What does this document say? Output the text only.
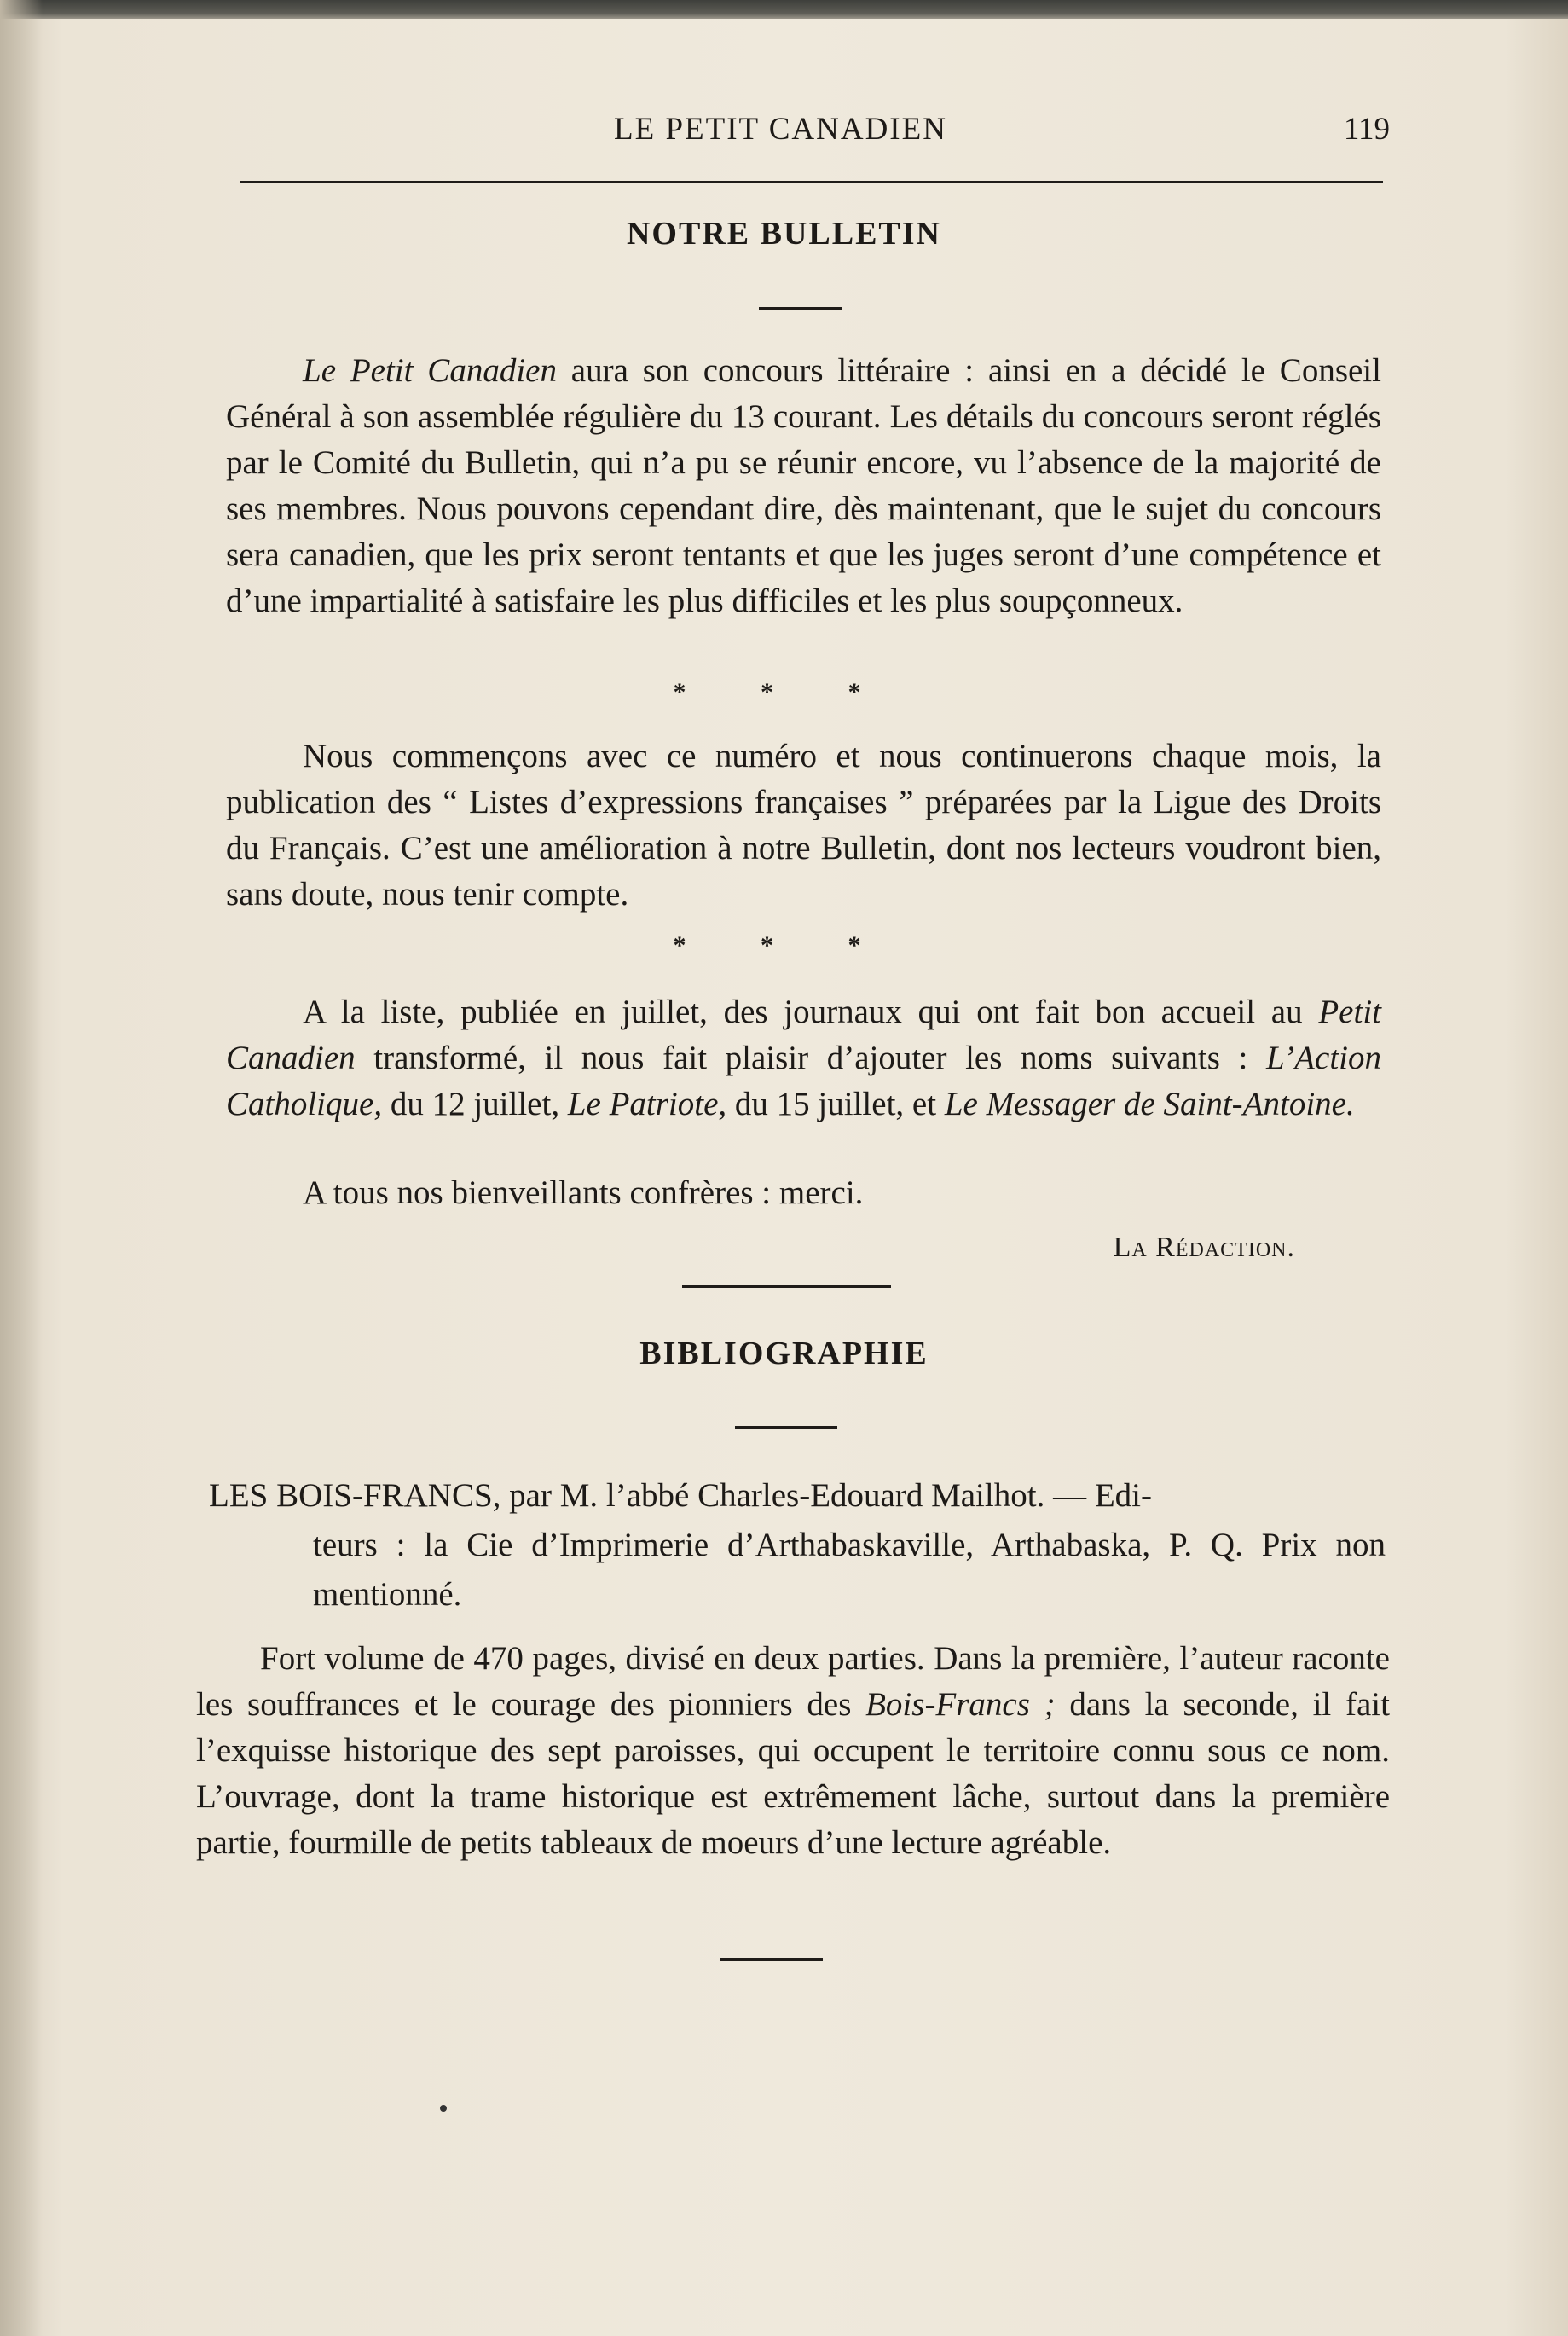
LE PETIT CANADIEN	119
NOTRE BULLETIN

Le Petit Canadien aura son concours littéraire : ainsi en a décidé le Conseil Général à son assemblée régulière du 13 courant. Les détails du concours seront réglés par le Comité du Bulletin, qui n’a pu se réunir encore, vu l’absence de la majorité de ses membres. Nous pouvons cependant dire, dès maintenant, que le sujet du concours sera canadien, que les prix seront tentants et que les juges seront d’une compétence et d’une impartialité à satisfaire les plus difficiles et les plus soupçonneux.

* * *

Nous commençons avec ce numéro et nous continuerons chaque mois, la publication des “ Listes d’expressions françaises ” préparées par la Ligue des Droits du Français. C’est une amélioration à notre Bulletin, dont nos lecteurs voudront bien, sans doute, nous tenir compte.

* * *

A la liste, publiée en juillet, des journaux qui ont fait bon accueil au Petit Canadien transformé, il nous fait plaisir d’ajouter les noms suivants : L’Action Catholique, du 12 juillet, Le Patriote, du 15 juillet, et Le Messager de Saint-Antoine.

A tous nos bienveillants confrères : merci.

La Rédaction.
BIBLIOGRAPHIE

LES BOIS-FRANCS, par M. l’abbé Charles-Edouard Mailhot. — Edi-
teurs : la Cie d’Imprimerie d’Arthabaskaville, Arthabaska, P. Q. Prix non mentionné.

Fort volume de 470 pages, divisé en deux parties. Dans la première, l’auteur raconte les souffrances et le courage des pionniers des Bois-Francs ; dans la seconde, il fait l’exquisse historique des sept paroisses, qui occupent le territoire connu sous ce nom. L’ouvrage, dont la trame historique est extrêmement lâche, surtout dans la première partie, fourmille de petits tableaux de moeurs d’une lecture agréable.
